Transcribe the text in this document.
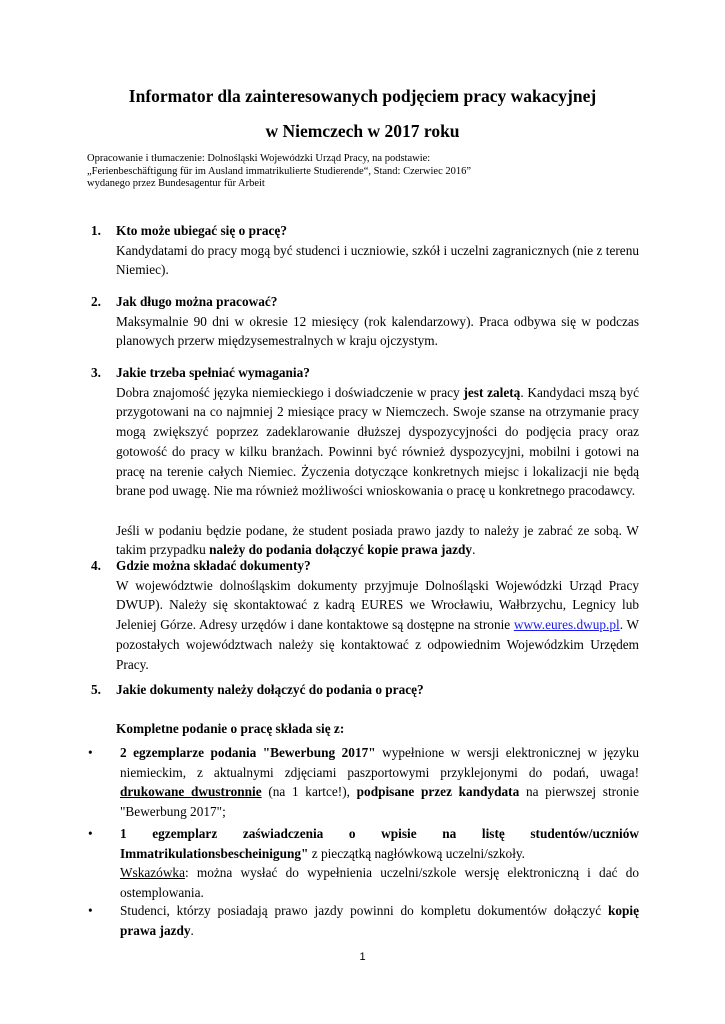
Informator dla zainteresowanych podjęciem pracy wakacyjnej
w Niemczech w 2017 roku
Opracowanie i tłumaczenie: Dolnośląski Wojewódzki Urząd Pracy, na podstawie:
„Ferienbeschäftigung für im Ausland immatrikulierte Studierende“, Stand: Czerwiec 2016”
wydanego przez Bundesagentur für Arbeit
1. Kto może ubiegać się o pracę?

Kandydatami do pracy mogą być studenci i uczniowie, szkół i uczelni zagranicznych (nie z terenu Niemiec).

2. Jak długo można pracować?

Maksymalnie 90 dni w okresie 12 miesięcy (rok kalendarzowy). Praca odbywa się w podczas planowych przerw międzysemestralnych w kraju ojczystym.

3. Jakie trzeba spełniać wymagania?

Dobra znajomość języka niemieckiego i doświadczenie w pracy jest zaletą. Kandydaci mszą być przygotowani na co najmniej 2 miesiące pracy w Niemczech. Swoje szanse na otrzymanie pracy mogą zwiększyć poprzez zadeklarowanie dłuższej dyspozycyjności do podjęcia pracy oraz gotowość do pracy w kilku branżach. Powinni być również dyspozycyjni, mobilni i gotowi na pracę na terenie całych Niemiec. Życzenia dotyczące konkretnych miejsc i lokalizacji nie będą brane pod uwagę. Nie ma również możliwości wnioskowania o pracę u konkretnego pracodawcy.

Jeśli w podaniu będzie podane, że student posiada prawo jazdy to należy je zabrać ze sobą. W takim przypadku należy do podania dołączyć kopie prawa jazdy.

4. Gdzie można składać dokumenty?

W województwie dolnośląskim dokumenty przyjmuje Dolnośląski Wojewódzki Urząd Pracy DWUP). Należy się skontaktować z kadrą EURES we Wrocławiu, Wałbrzychu, Legnicy lub Jeleniej Górze. Adresy urzędów i dane kontaktowe są dostępne na stronie www.eures.dwup.pl. W pozostałych województwach należy się kontaktować z odpowiednim Wojewódzkim Urzędem Pracy.

5. Jakie dokumenty należy dołączyć do podania o pracę?

Kompletne podanie o pracę składa się z:

• 2 egzemplarze podania "Bewerbung 2017" wypełnione w wersji elektronicznej w języku niemieckim, z aktualnymi zdjęciami paszportowymi przyklejonymi do podań, uwaga! drukowane dwustronnie (na 1 kartce!), podpisane przez kandydata na pierwszej stronie "Bewerbung 2017";
• 1 egzemplarz zaświadczenia o wpisie na listę studentów/uczniów Immatrikulationsbescheinigung" z pieczątką nagłówkową uczelni/szkoły.
Wskazówka: można wysłać do wypełnienia uczelni/szkole wersję elektroniczną i dać do ostemplowania.
• Studenci, którzy posiadają prawo jazdy powinni do kompletu dokumentów dołączyć kopię prawa jazdy.
1
